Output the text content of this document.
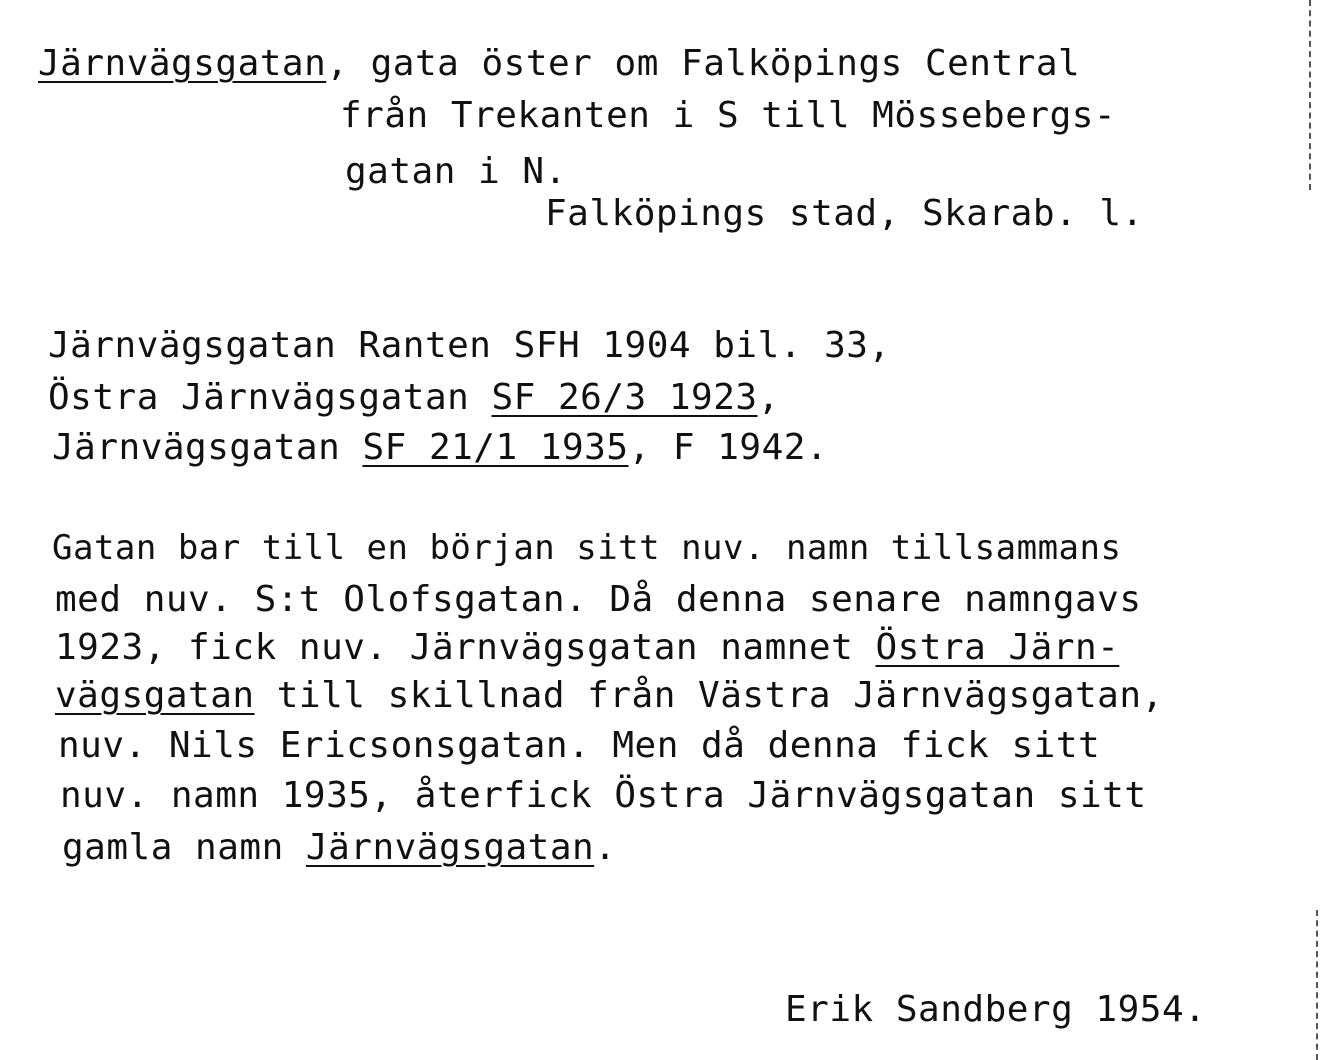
Järnvägsgatan, gata öster om Falköpings Central
från Trekanten i S till Mössebergs-
gatan i N.
Falköpings stad, Skarab. l.
Järnvägsgatan Ranten SFH 1904 bil. 33,
Östra Järnvägsgatan SF 26/3 1923,
Järnvägsgatan SF 21/1 1935, F 1942.
Gatan bar till en början sitt nuv. namn tillsammans
med nuv. S:t Olofsgatan. Då denna senare namngavs
1923, fick nuv. Järnvägsgatan namnet Östra Järn-
vägsgatan till skillnad från Västra Järnvägsgatan,
nuv. Nils Ericsonsgatan. Men då denna fick sitt
nuv. namn 1935, återfick Östra Järnvägsgatan sitt
gamla namn Järnvägsgatan.
Erik Sandberg 1954.
